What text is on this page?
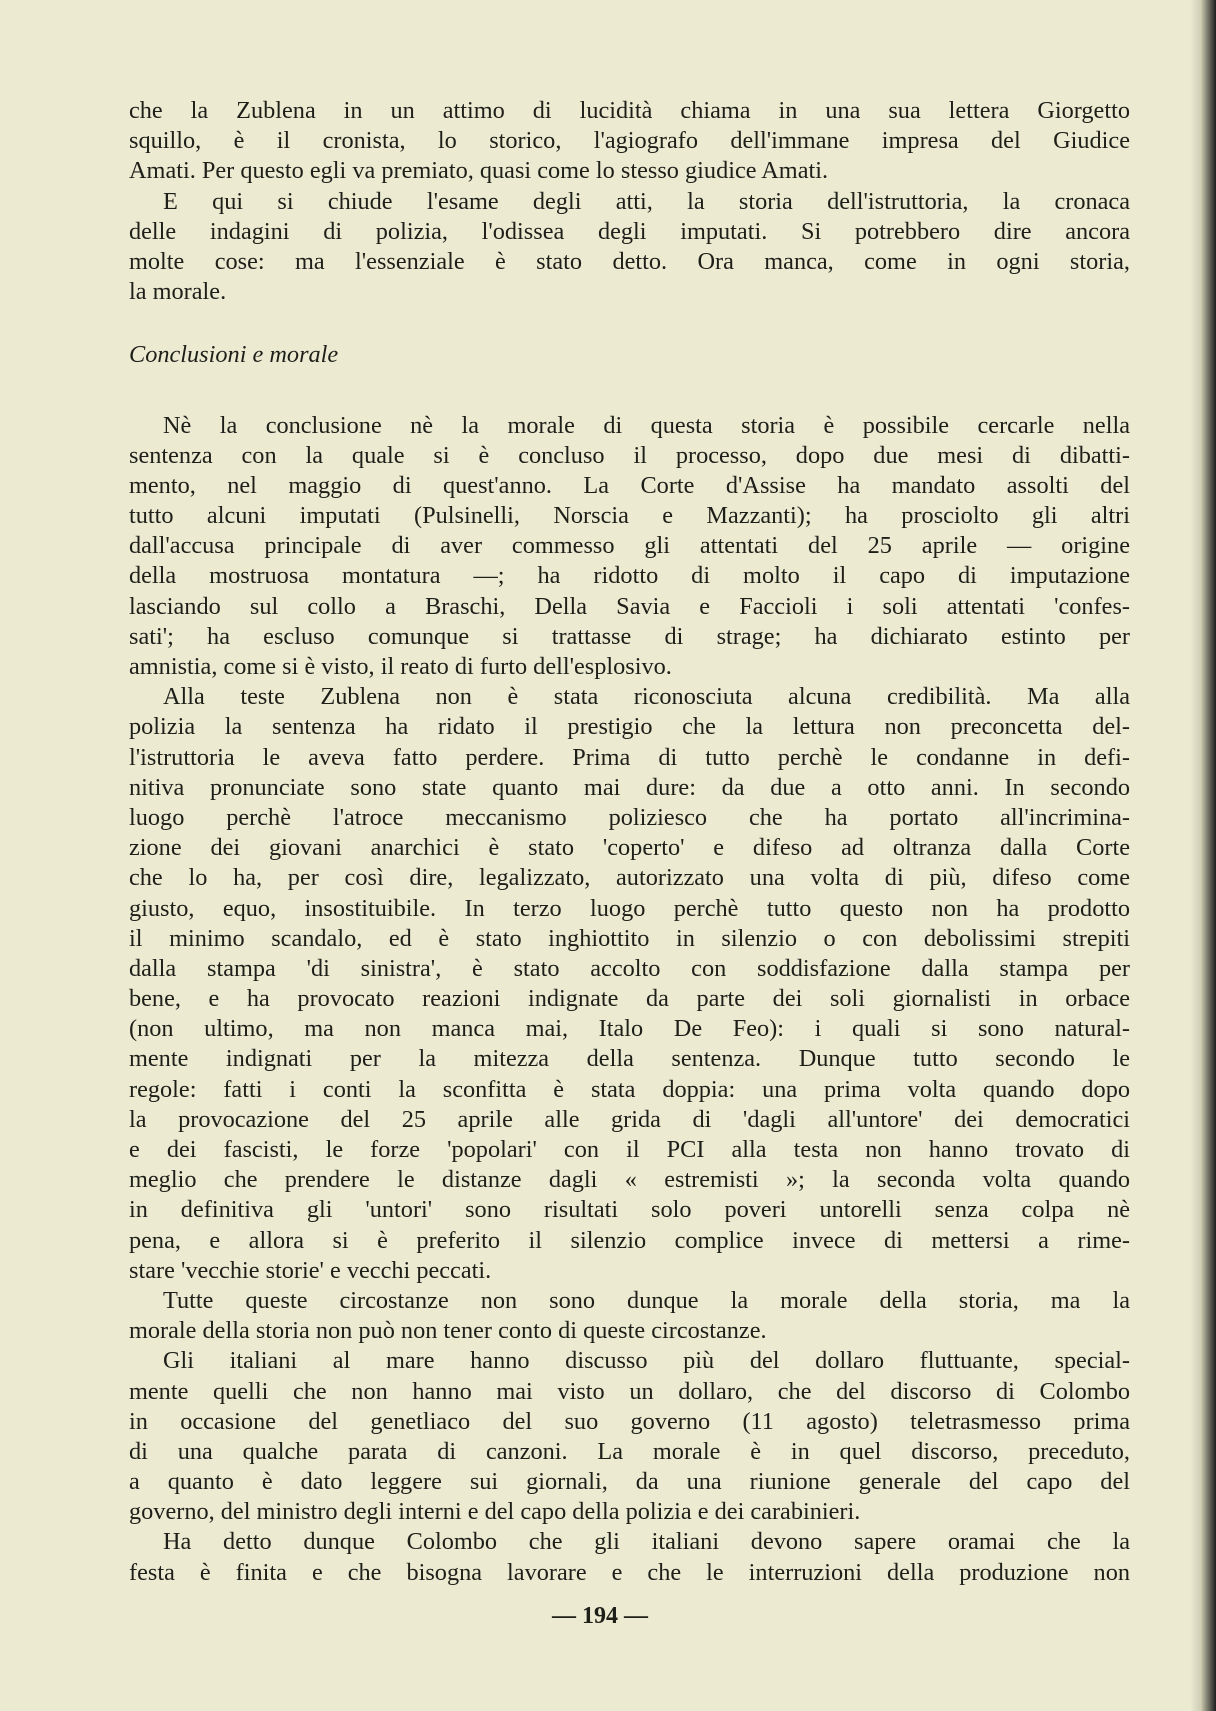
che la Zublena in un attimo di lucidità chiama in una sua lettera Giorgetto
squillo, è il cronista, lo storico, l'agiografo dell'immane impresa del Giudice
Amati. Per questo egli va premiato, quasi come lo stesso giudice Amati.
E qui si chiude l'esame degli atti, la storia dell'istruttoria, la cronaca
delle indagini di polizia, l'odissea degli imputati. Si potrebbero dire ancora
molte cose: ma l'essenziale è stato detto. Ora manca, come in ogni storia,
la morale.
Conclusioni e morale
Nè la conclusione nè la morale di questa storia è possibile cercarle nella
sentenza con la quale si è concluso il processo, dopo due mesi di dibatti-
mento, nel maggio di quest'anno. La Corte d'Assise ha mandato assolti del
tutto alcuni imputati (Pulsinelli, Norscia e Mazzanti); ha prosciolto gli altri
dall'accusa principale di aver commesso gli attentati del 25 aprile — origine
della mostruosa montatura —; ha ridotto di molto il capo di imputazione
lasciando sul collo a Braschi, Della Savia e Faccioli i soli attentati 'confes-
sati'; ha escluso comunque si trattasse di strage; ha dichiarato estinto per
amnistia, come si è visto, il reato di furto dell'esplosivo.
Alla teste Zublena non è stata riconosciuta alcuna credibilità. Ma alla
polizia la sentenza ha ridato il prestigio che la lettura non preconcetta del-
l'istruttoria le aveva fatto perdere. Prima di tutto perchè le condanne in defi-
nitiva pronunciate sono state quanto mai dure: da due a otto anni. In secondo
luogo perchè l'atroce meccanismo poliziesco che ha portato all'incrimina-
zione dei giovani anarchici è stato 'coperto' e difeso ad oltranza dalla Corte
che lo ha, per così dire, legalizzato, autorizzato una volta di più, difeso come
giusto, equo, insostituibile. In terzo luogo perchè tutto questo non ha prodotto
il minimo scandalo, ed è stato inghiottito in silenzio o con debolissimi strepiti
dalla stampa 'di sinistra', è stato accolto con soddisfazione dalla stampa per
bene, e ha provocato reazioni indignate da parte dei soli giornalisti in orbace
(non ultimo, ma non manca mai, Italo De Feo): i quali si sono natural-
mente indignati per la mitezza della sentenza. Dunque tutto secondo le
regole: fatti i conti la sconfitta è stata doppia: una prima volta quando dopo
la provocazione del 25 aprile alle grida di 'dagli all'untore' dei democratici
e dei fascisti, le forze 'popolari' con il PCI alla testa non hanno trovato di
meglio che prendere le distanze dagli « estremisti »; la seconda volta quando
in definitiva gli 'untori' sono risultati solo poveri untorelli senza colpa nè
pena, e allora si è preferito il silenzio complice invece di mettersi a rime-
stare 'vecchie storie' e vecchi peccati.
Tutte queste circostanze non sono dunque la morale della storia, ma la
morale della storia non può non tener conto di queste circostanze.
Gli italiani al mare hanno discusso più del dollaro fluttuante, special-
mente quelli che non hanno mai visto un dollaro, che del discorso di Colombo
in occasione del genetliaco del suo governo (11 agosto) teletrasmesso prima
di una qualche parata di canzoni. La morale è in quel discorso, preceduto,
a quanto è dato leggere sui giornali, da una riunione generale del capo del
governo, del ministro degli interni e del capo della polizia e dei carabinieri.
Ha detto dunque Colombo che gli italiani devono sapere oramai che la
festa è finita e che bisogna lavorare e che le interruzioni della produzione non
— 194 —
